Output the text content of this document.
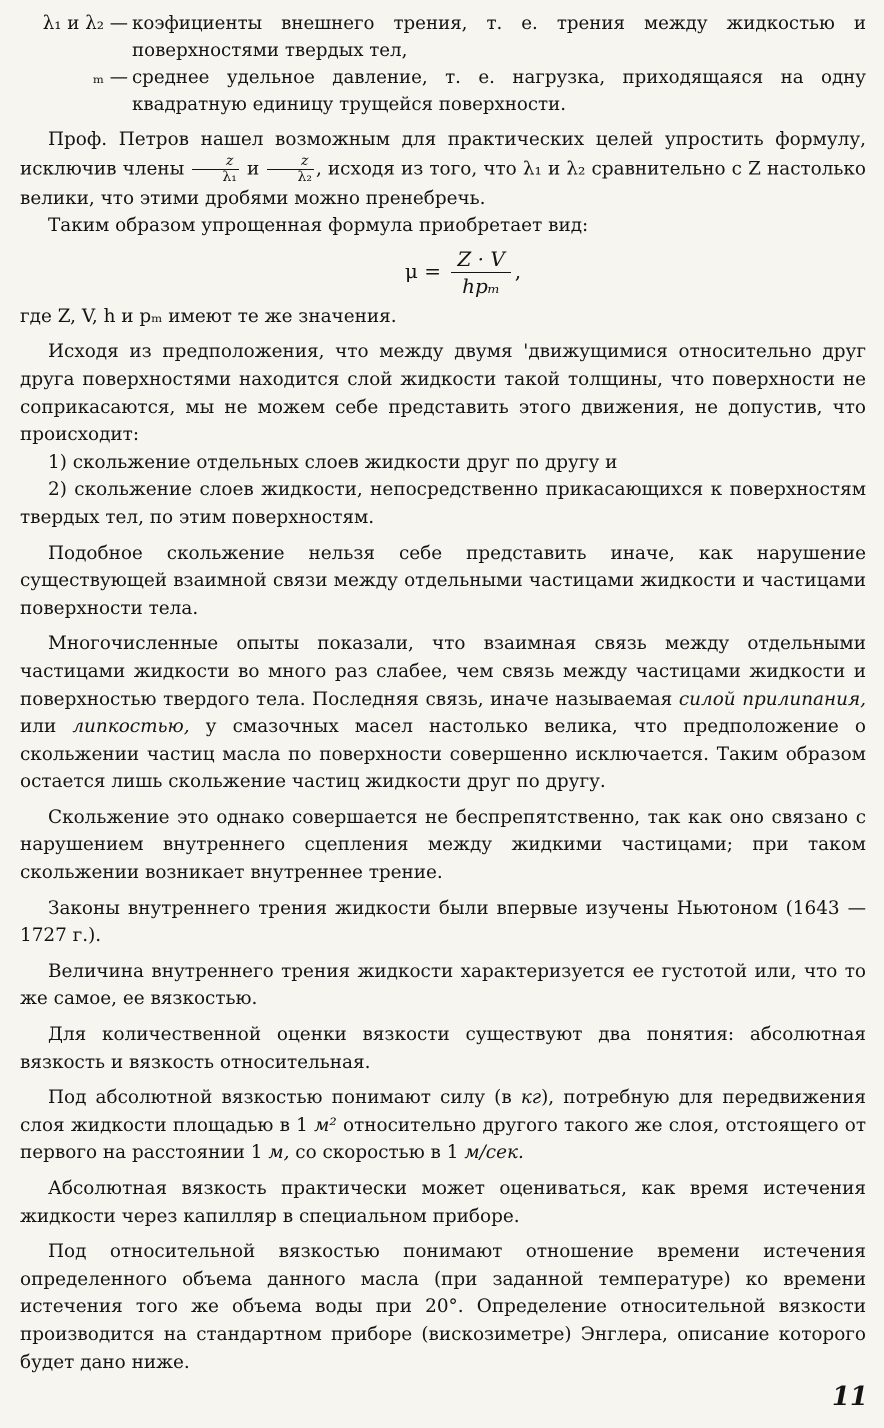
λ₁ и λ₂ — коэфициенты внешнего трения, т. е. трения между жидкостью и поверхностями твердых тел,
ₘ — среднее удельное давление, т. е. нагрузка, приходящаяся на одну квадратную единицу трущейся поверхности.

Проф. Петров нашел возможным для практических целей упростить формулу, исключив члены $\frac{z}{\text{λ₁}}$ и $\frac{z}{\text{λ₂}}$ , исходя из того, что λ₁ и λ₂ сравнительно с Z настолько велики, что этими дробями можно пренебречь.

Таким образом упрощенная формула приобретает вид:

$\mu = \frac{Z \cdot V}{\text{hpₘ}}$ ,

где Z, V, h и pₘ имеют те же значения.

Исходя из предположения, что между двумя 'движущимися относительно друг друга поверхностями находится слой жидкости такой толщины, что поверхности не соприкасаются, мы не можем себе представить этого движения, не допустив, что происходит:

1) скольжение отдельных слоев жидкости друг по другу и

2) скольжение слоев жидкости, непосредственно прикасающихся к поверхностям твердых тел, по этим поверхностям.

Подобное скольжение нельзя себе представить иначе, как нарушение существующей взаимной связи между отдельными частицами жидкости и частицами поверхности тела.

Многочисленные опыты показали, что взаимная связь между отдельными частицами жидкости во много раз слабее, чем связь между частицами жидкости и поверхностью твердого тела. Последняя связь, иначе называемая силой прилипания, или липкостью, у смазочных масел настолько велика, что предположение о скольжении частиц масла по поверхности совершенно исключается. Таким образом остается лишь скольжение частиц жидкости друг по другу.

Скольжение это однако совершается не беспрепятственно, так как оно связано с нарушением внутреннего сцепления между жидкими частицами; при таком скольжении возникает внутреннее трение.

Законы внутреннего трения жидкости были впервые изучены Ньютоном (1643 — 1727 г.).

Величина внутреннего трения жидкости характеризуется ее густотой или, что то же самое, ее вязкостью.

Для количественной оценки вязкости существуют два понятия: абсолютная вязкость и вязкость относительная.

Под абсолютной вязкостью понимают силу (в кг), потребную для передвижения слоя жидкости площадью в 1 м² относительно другого такого же слоя, отстоящего от первого на расстоянии 1 м, со скоростью в 1 м/сек.

Абсолютная вязкость практически может оцениваться, как время истечения жидкости через капилляр в специальном приборе.

Под относительной вязкостью понимают отношение времени истечения определенного объема данного масла (при заданной температуре) ко времени истечения того же объема воды при 20°. Определение относительной вязкости производится на стандартном приборе (вискозиметре) Энглера, описание которого будет дано ниже.

11
